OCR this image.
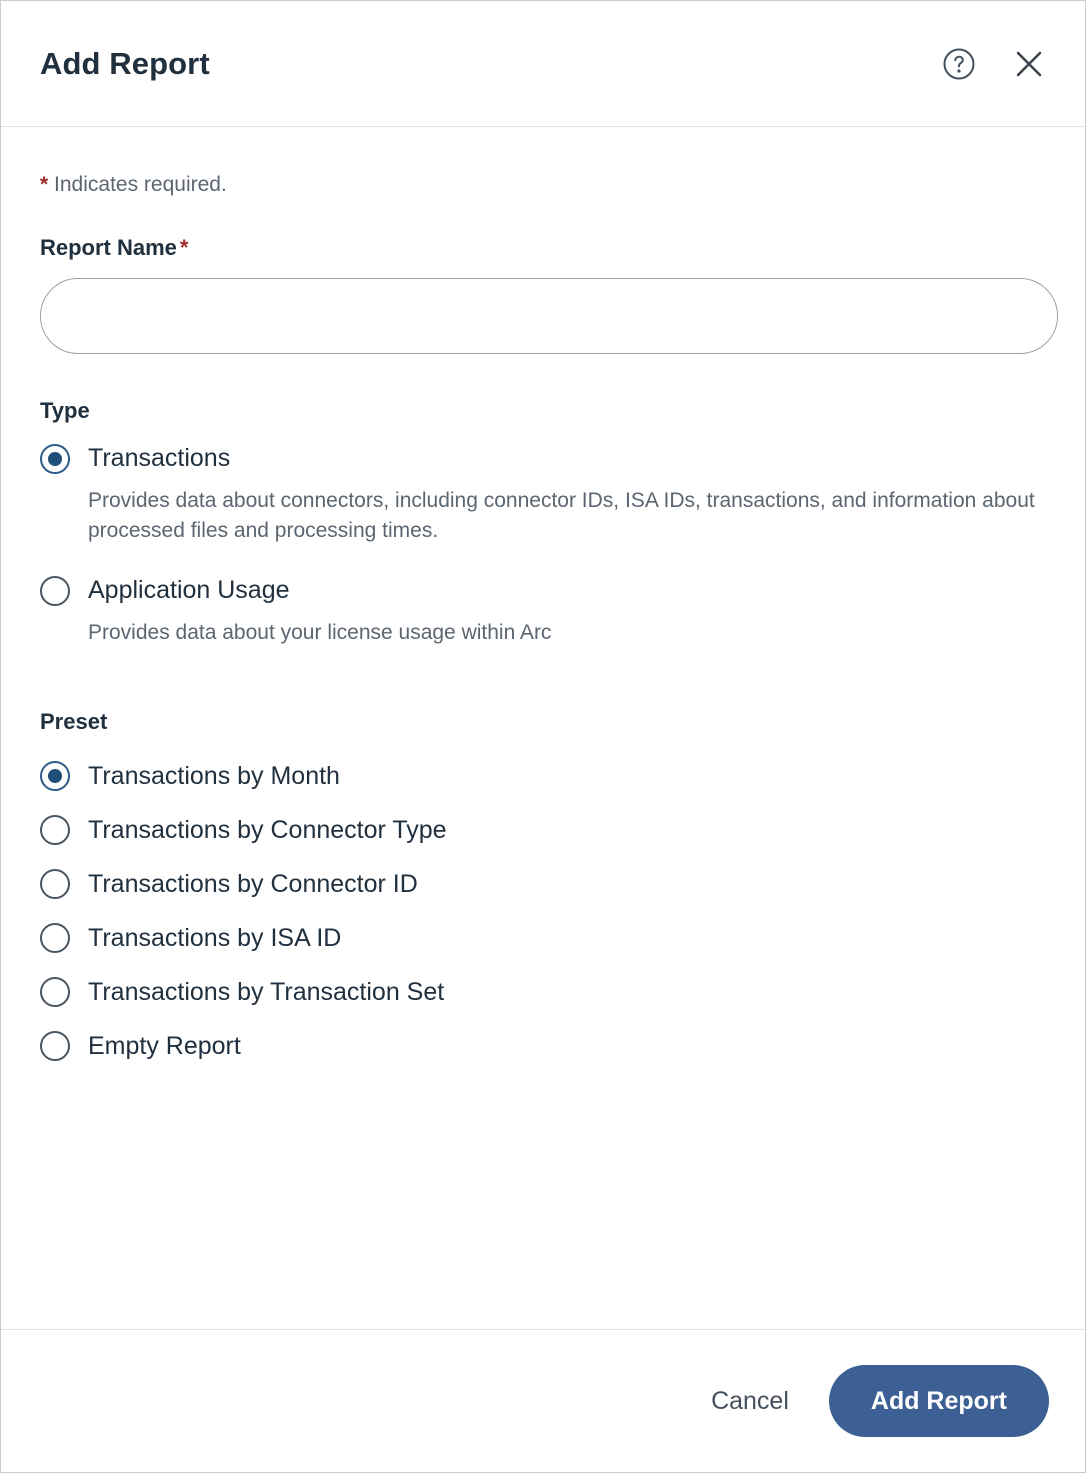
Add Report
* Indicates required.
Report Name *
Type
Transactions
Provides data about connectors, including connector IDs, ISA IDs, transactions, and information about processed files and processing times.
Application Usage
Provides data about your license usage within Arc
Preset
Transactions by Month
Transactions by Connector Type
Transactions by Connector ID
Transactions by ISA ID
Transactions by Transaction Set
Empty Report
Cancel	Add Report
